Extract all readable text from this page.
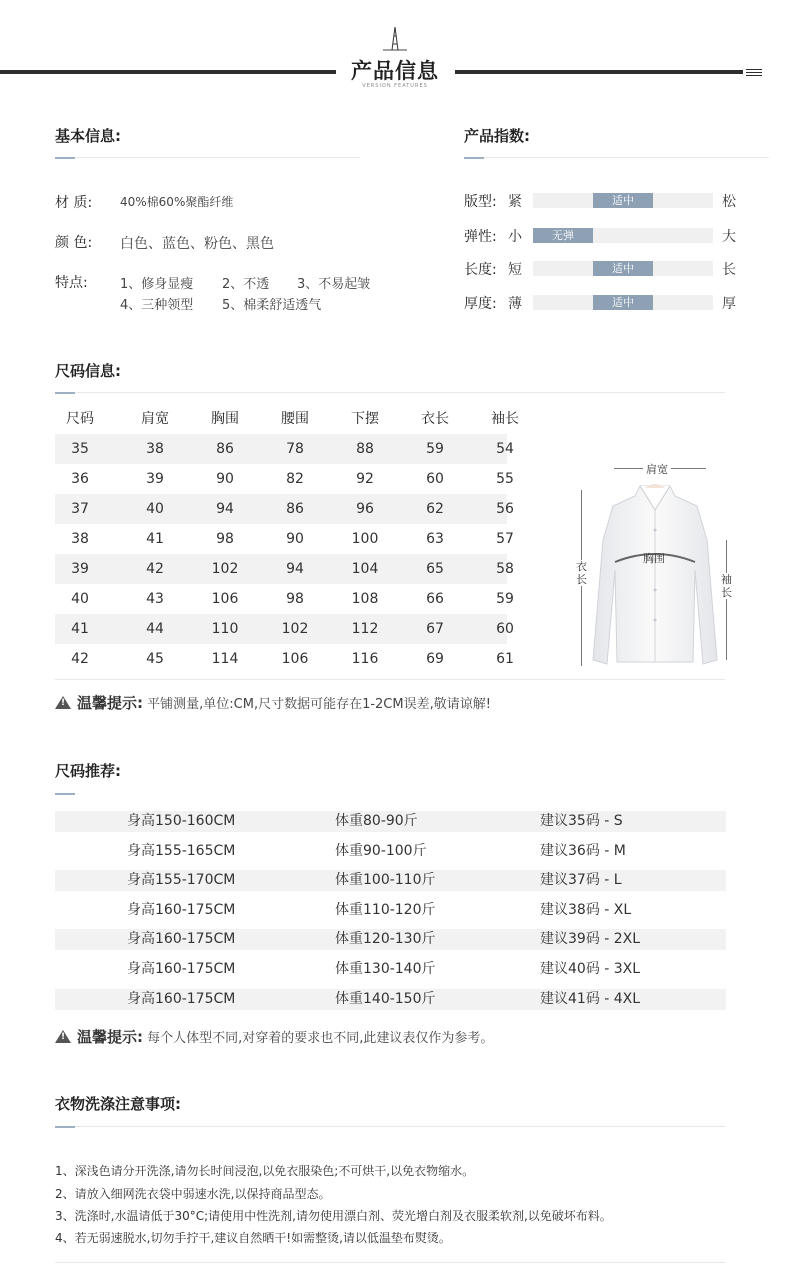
产品信息
VERSION FEATURES
基本信息:
材 质: 40%棉60%聚酯纤维
颜 色: 白色、蓝色、粉色、黑色
特点: 1、修身显瘦 2、不透 3、不易起皱
4、三种领型 5、棉柔舒适透气
产品指数:
版型: 紧	适中	松
弹性: 小	无弹	大
长度: 短	适中	长
厚度: 薄	适中	厚
尺码信息:
尺码	肩宽	胸围	腰围	下摆	衣长	袖长
35	38	86	78	88	59	54
36	39	90	82	92	60	55
37	40	94	86	96	62	56
38	41	98	90	100	63	57
39	42	102	94	104	65	58
40	43	106	98	108	66	59
41	44	110	102	112	67	60
42	45	114	106	116	69	61
肩宽
胸围
衣长	袖长
! 温馨提示: 平铺测量,单位:CM,尺寸数据可能存在1-2CM误差,敬请谅解!
尺码推荐:
身高150-160CM	体重80-90斤	建议35码 - S
身高155-165CM	体重90-100斤	建议36码 - M
身高155-170CM	体重100-110斤	建议37码 - L
身高160-175CM	体重110-120斤	建议38码 - XL
身高160-175CM	体重120-130斤	建议39码 - 2XL
身高160-175CM	体重130-140斤	建议40码 - 3XL
身高160-175CM	体重140-150斤	建议41码 - 4XL
! 温馨提示: 每个人体型不同,对穿着的要求也不同,此建议表仅作为参考。
衣物洗涤注意事项:
1、深浅色请分开洗涤,请勿长时间浸泡,以免衣服染色;不可烘干,以免衣物缩水。
2、请放入细网洗衣袋中弱速水洗,以保持商品型态。
3、洗涤时,水温请低于30°C;请使用中性洗剂,请勿使用漂白剂、荧光增白剂及衣服柔软剂,以免破坏布料。
4、若无弱速脱水,切勿手拧干,建议自然晒干!如需整烫,请以低温垫布熨烫。
